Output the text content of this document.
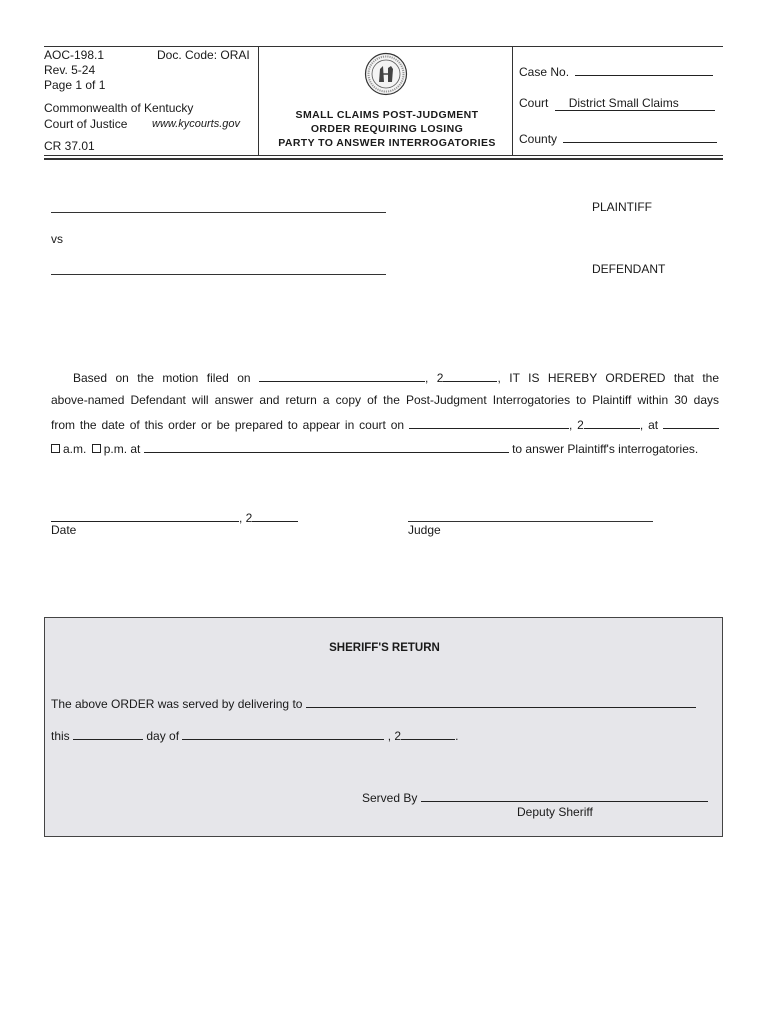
AOC-198.1	Doc. Code: ORAI
Rev. 5-24
Page 1 of 1
Commonwealth of Kentucky
Court of Justice www.kycourts.gov
CR 37.01
SMALL CLAIMS POST-JUDGMENT
ORDER REQUIRING LOSING
PARTY TO ANSWER INTERROGATORIES
Case No.
Court District Small Claims
County
PLAINTIFF
vs
DEFENDANT
Based on the motion filed on	, 2	, IT IS HEREBY ORDERED that the
above-named Defendant will answer and return a copy of the Post-Judgment Interrogatories to Plaintiff within 30 days
from the date of this order or be prepared to appear in court on	, 2	, at
a.m. p.m. at	to answer Plaintiff's interrogatories.
, 2
Date	Judge
SHERIFF'S RETURN
The above ORDER was served by delivering to
this	day of	, 2	.
Served By
Deputy Sheriff
